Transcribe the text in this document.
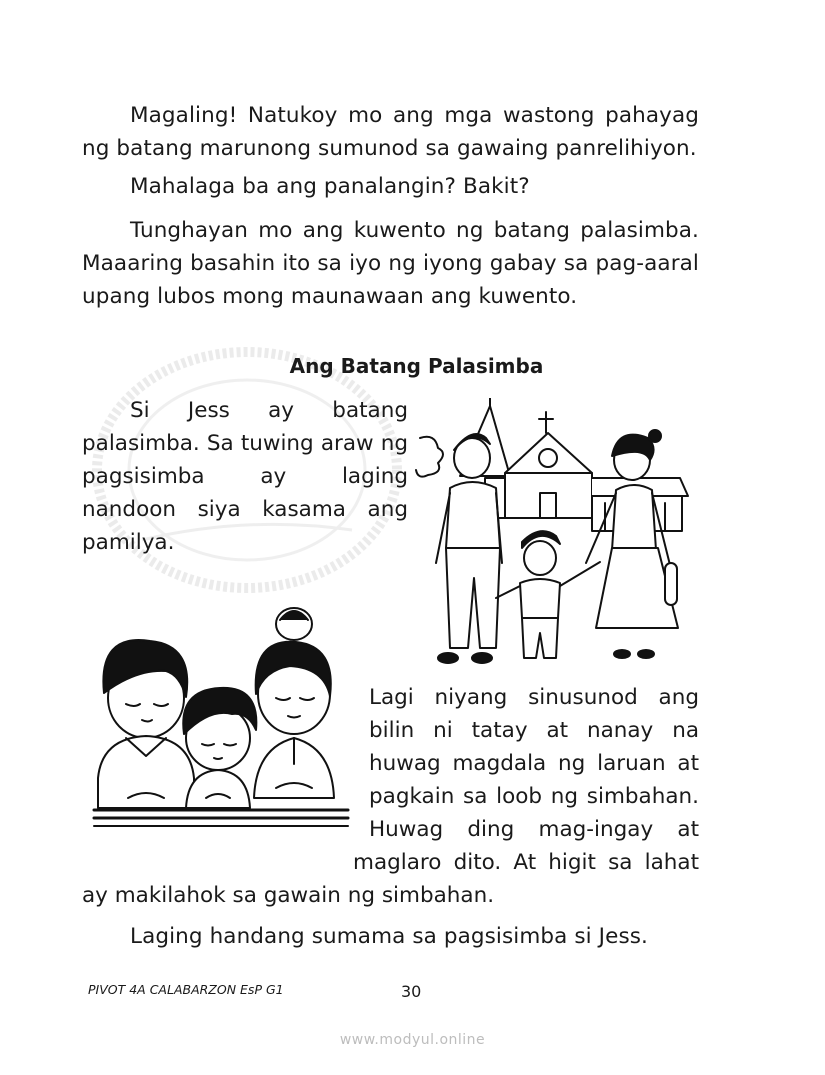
Magaling! Natukoy mo ang mga wastong pahayag ng batang marunong sumunod sa gawaing panrelihiyon.

Mahalaga ba ang panalangin? Bakit?

Tunghayan mo ang kuwento ng batang palasimba. Maaaring basahin ito sa iyo ng iyong gabay sa pag-aaral upang lubos mong maunawaan ang kuwento.

Ang Batang Palasimba

Si Jess ay batang palasimba. Sa tuwing araw ng pagsisimba ay laging nandoon siya kasama ang pamilya.

Lagi niyang sinusunod ang
bilin ni tatay at nanay na
huwag magdala ng laruan at
pagkain sa loob ng simbahan.
Huwag ding mag-ingay at
maglaro dito. At higit sa lahat
ay makilahok sa gawain ng simbahan.

Laging handang sumama sa pagsisimba si Jess.

PIVOT 4A CALABARZON EsP G1	30
www.modyul.online
